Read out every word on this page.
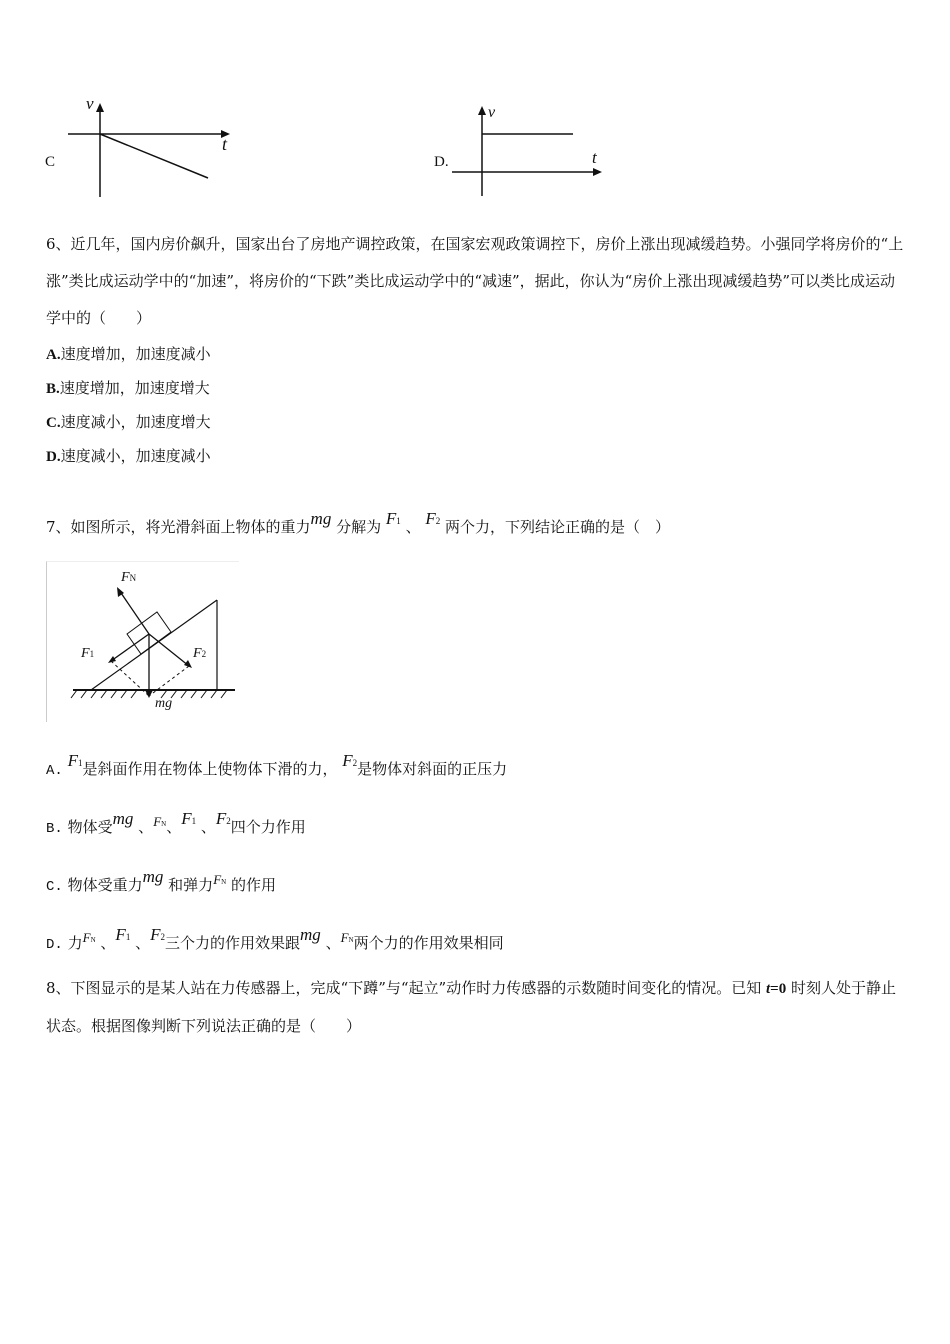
C
v
t
D.
v
t
6、近几年，国内房价飙升，国家出台了房地产调控政策，在国家宏观政策调控下，房价上涨出现减缓趋势。小强同学将房价的“上涨”类比成运动学中的“加速”，将房价的“下跌”类比成运动学中的“减速”，据此，你认为“房价上涨出现减缓趋势”可以类比成运动学中的（　　）
A.速度增加，加速度减小
B.速度增加，加速度增大
C.速度减小，加速度增大
D.速度减小，加速度减小
7、如图所示，将光滑斜面上物体的重力mg 分解为 F1 、 F2 两个力，下列结论正确的是（　）
FN
F1	F2
mg
A. F1是斜面作用在物体上使物体下滑的力， F2是物体对斜面的正压力
B. 物体受mg 、FN、F1 、F2四个力作用
C. 物体受重力mg 和弹力FN 的作用
D. 力FN 、F1 、F2三个力的作用效果跟mg 、FN两个力的作用效果相同
8、下图显示的是某人站在力传感器上，完成“下蹲”与“起立”动作时力传感器的示数随时间变化的情况。已知 t=0 时刻人处于静止状态。根据图像判断下列说法正确的是（　　）
